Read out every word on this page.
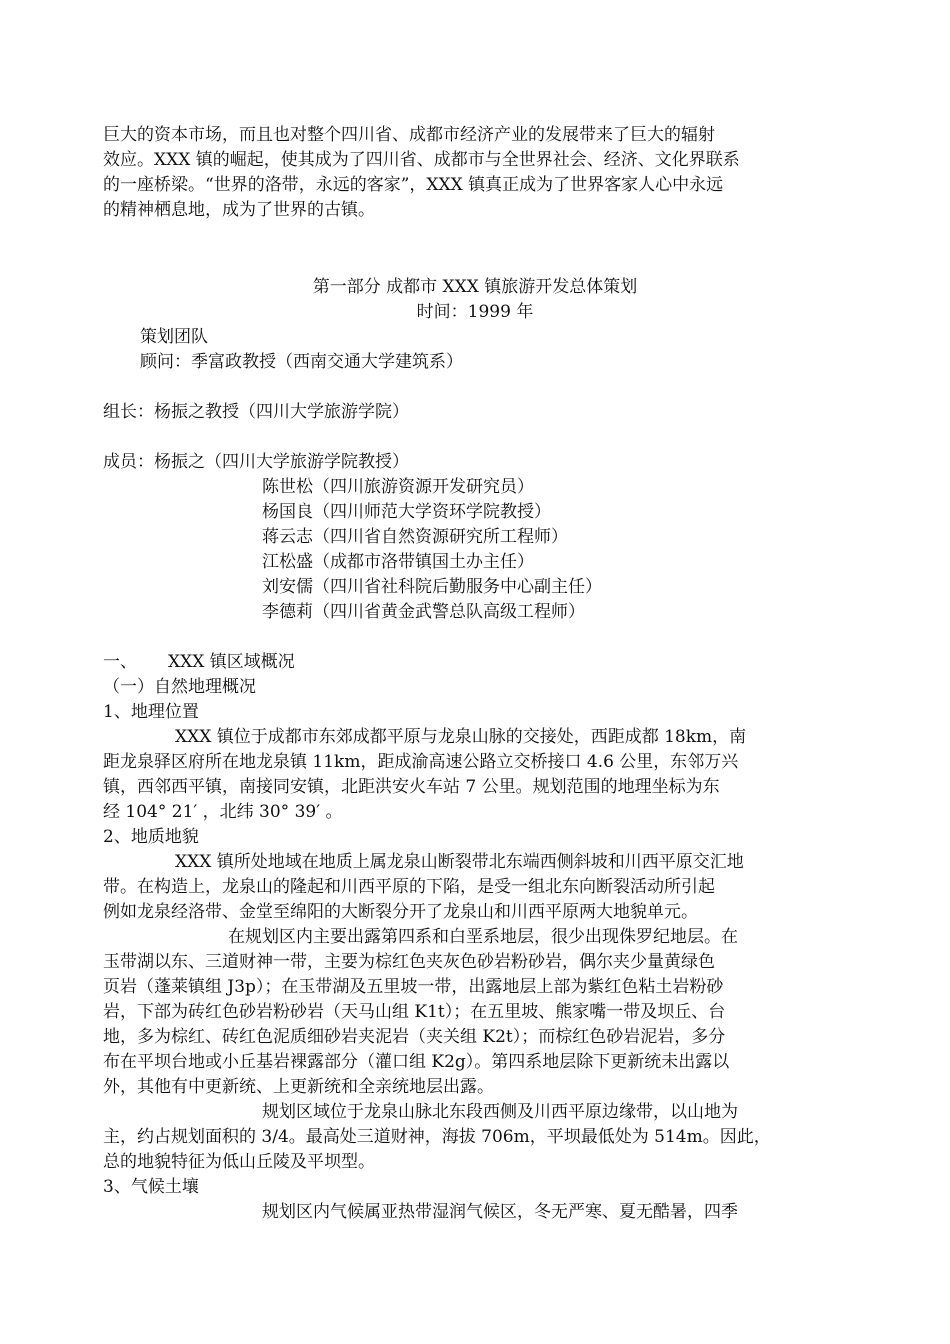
巨大的资本市场，而且也对整个四川省、成都市经济产业的发展带来了巨大的辐射
效应。XXX 镇的崛起，使其成为了四川省、成都市与全世界社会、经济、文化界联系
的一座桥梁。“世界的洛带，永远的客家”，XXX 镇真正成为了世界客家人心中永远
的精神栖息地，成为了世界的古镇。
第一部分 成都市 XXX 镇旅游开发总体策划
时间：1999 年
策划团队
顾问：季富政教授（西南交通大学建筑系）
组长：杨振之教授（四川大学旅游学院）
成员：杨振之（四川大学旅游学院教授）
陈世松（四川旅游资源开发研究员）
杨国良（四川师范大学资环学院教授）
蒋云志（四川省自然资源研究所工程师）
江松盛（成都市洛带镇国土办主任）
刘安儒（四川省社科院后勤服务中心副主任）
李德莉（四川省黄金武警总队高级工程师）
一、 XXX 镇区域概况
（一）自然地理概况
1、地理位置
XXX 镇位于成都市东郊成都平原与龙泉山脉的交接处，西距成都 18km，南
距龙泉驿区府所在地龙泉镇 11km，距成渝高速公路立交桥接口 4.6 公里，东邻万兴
镇，西邻西平镇，南接同安镇，北距洪安火车站 7 公里。规划范围的地理坐标为东
经 104° 21′ ，北纬 30° 39′ 。
2、地质地貌
XXX 镇所处地域在地质上属龙泉山断裂带北东端西侧斜坡和川西平原交汇地
带。在构造上，龙泉山的隆起和川西平原的下陷，是受一组北东向断裂活动所引起
例如龙泉经洛带、金堂至绵阳的大断裂分开了龙泉山和川西平原两大地貌单元。
在规划区内主要出露第四系和白垩系地层，很少出现侏罗纪地层。在
玉带湖以东、三道财神一带，主要为棕红色夹灰色砂岩粉砂岩，偶尔夹少量黄绿色
页岩（蓬莱镇组 J3p）；在玉带湖及五里坡一带，出露地层上部为紫红色粘土岩粉砂
岩，下部为砖红色砂岩粉砂岩（天马山组 K1t）；在五里坡、熊家嘴一带及坝丘、台
地，多为棕红、砖红色泥质细砂岩夹泥岩（夹关组 K2t）；而棕红色砂岩泥岩，多分
布在平坝台地或小丘基岩裸露部分（灌口组 K2g）。第四系地层除下更新统未出露以
外，其他有中更新统、上更新统和全亲统地层出露。
规划区域位于龙泉山脉北东段西侧及川西平原边缘带，以山地为
主，约占规划面积的 3/4。最高处三道财神，海拔 706m，平坝最低处为 514m。因此，
总的地貌特征为低山丘陵及平坝型。
3、气候土壤
规划区内气候属亚热带湿润气候区，冬无严寒、夏无酷暑，四季
